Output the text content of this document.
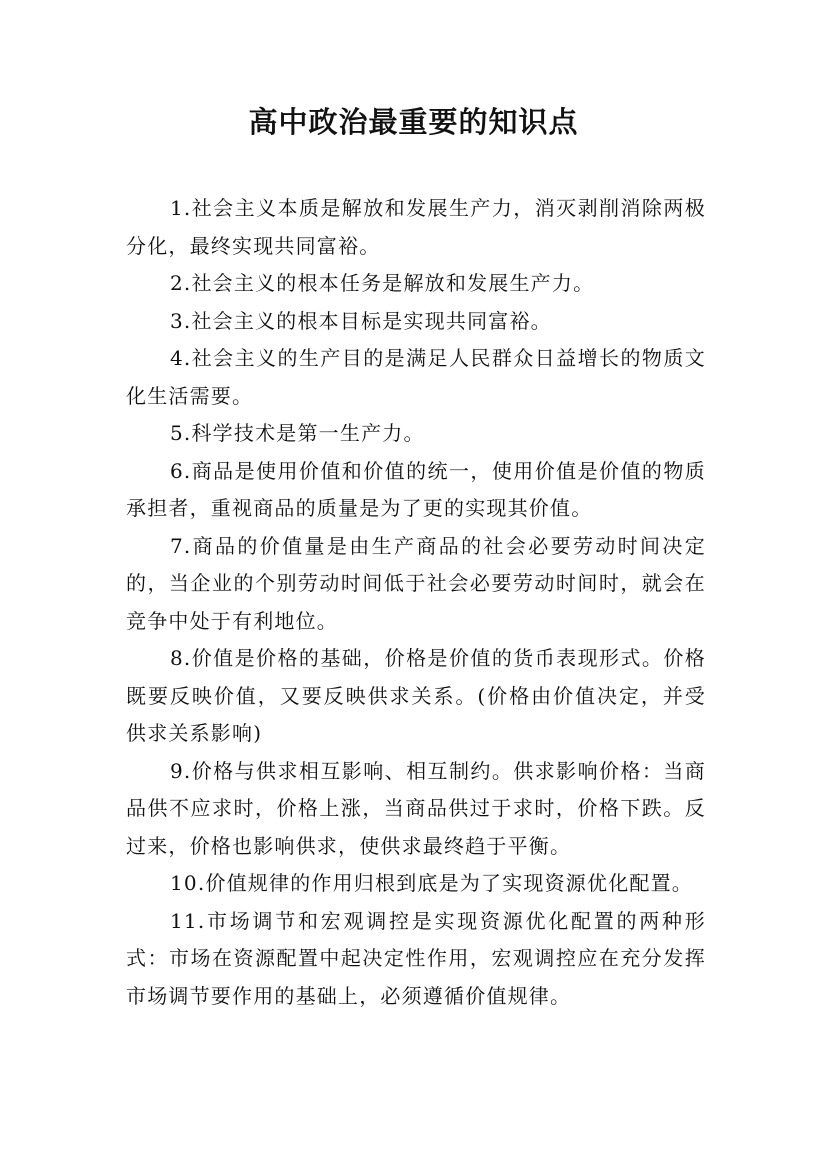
高中政治最重要的知识点

1.社会主义本质是解放和发展生产力，消灭剥削消除两极分化，最终实现共同富裕。

2.社会主义的根本任务是解放和发展生产力。

3.社会主义的根本目标是实现共同富裕。

4.社会主义的生产目的是满足人民群众日益增长的物质文化生活需要。

5.科学技术是第一生产力。

6.商品是使用价值和价值的统一，使用价值是价值的物质承担者，重视商品的质量是为了更的实现其价值。

7.商品的价值量是由生产商品的社会必要劳动时间决定的，当企业的个别劳动时间低于社会必要劳动时间时，就会在竞争中处于有利地位。

8.价值是价格的基础，价格是价值的货币表现形式。价格既要反映价值，又要反映供求关系。(价格由价值决定，并受供求关系影响)

9.价格与供求相互影响、相互制约。供求影响价格：当商品供不应求时，价格上涨，当商品供过于求时，价格下跌。反过来，价格也影响供求，使供求最终趋于平衡。

10.价值规律的作用归根到底是为了实现资源优化配置。

11.市场调节和宏观调控是实现资源优化配置的两种形式：市场在资源配置中起决定性作用，宏观调控应在充分发挥市场调节要作用的基础上，必须遵循价值规律。
